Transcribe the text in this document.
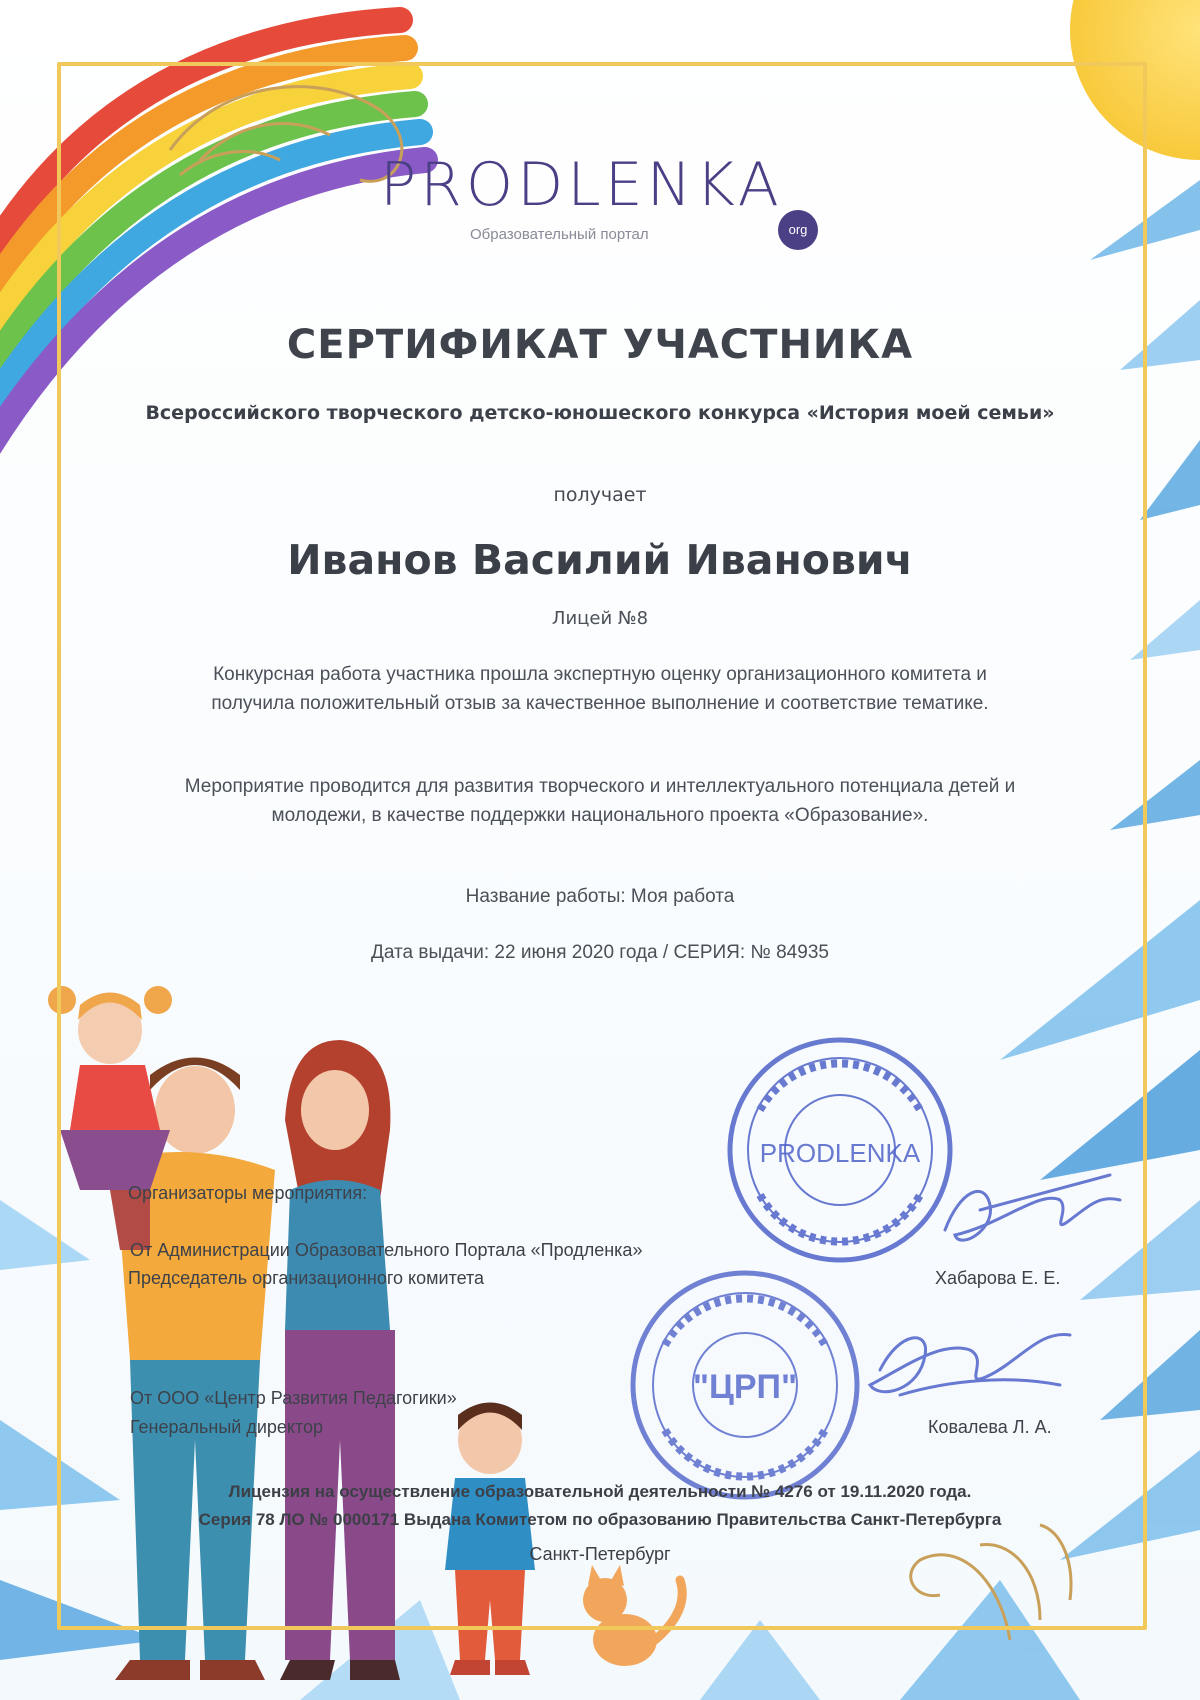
PRODLENKA
Образовательный портал	org
СЕРТИФИКАТ УЧАСТНИКА
Всероссийского творческого детско-юношеского конкурса «История моей семьи»
получает
Иванов Василий Иванович
Лицей №8
Конкурсная работа участника прошла экспертную оценку организационного комитета и получила положительный отзыв за качественное выполнение и соответствие тематике.
Мероприятие проводится для развития творческого и интеллектуального потенциала детей и молодежи, в качестве поддержки национального проекта «Образование».
Название работы: Моя работа
Дата выдачи: 22 июня 2020 года / СЕРИЯ: № 84935
PRODLENKA
"ЦРП"
Организаторы мероприятия:
От Администрации Образовательного Портала «Продленка»
Председатель организационного комитета	Хабарова Е. Е.
От ООО «Центр Развития Педагогики»
Генеральный директор	Ковалева Л. А.
Лицензия на осуществление образовательной деятельности № 4276 от 19.11.2020 года.
Серия 78 ЛО № 0000171 Выдана Комитетом по образованию Правительства Санкт-Петербурга
Санкт-Петербург
